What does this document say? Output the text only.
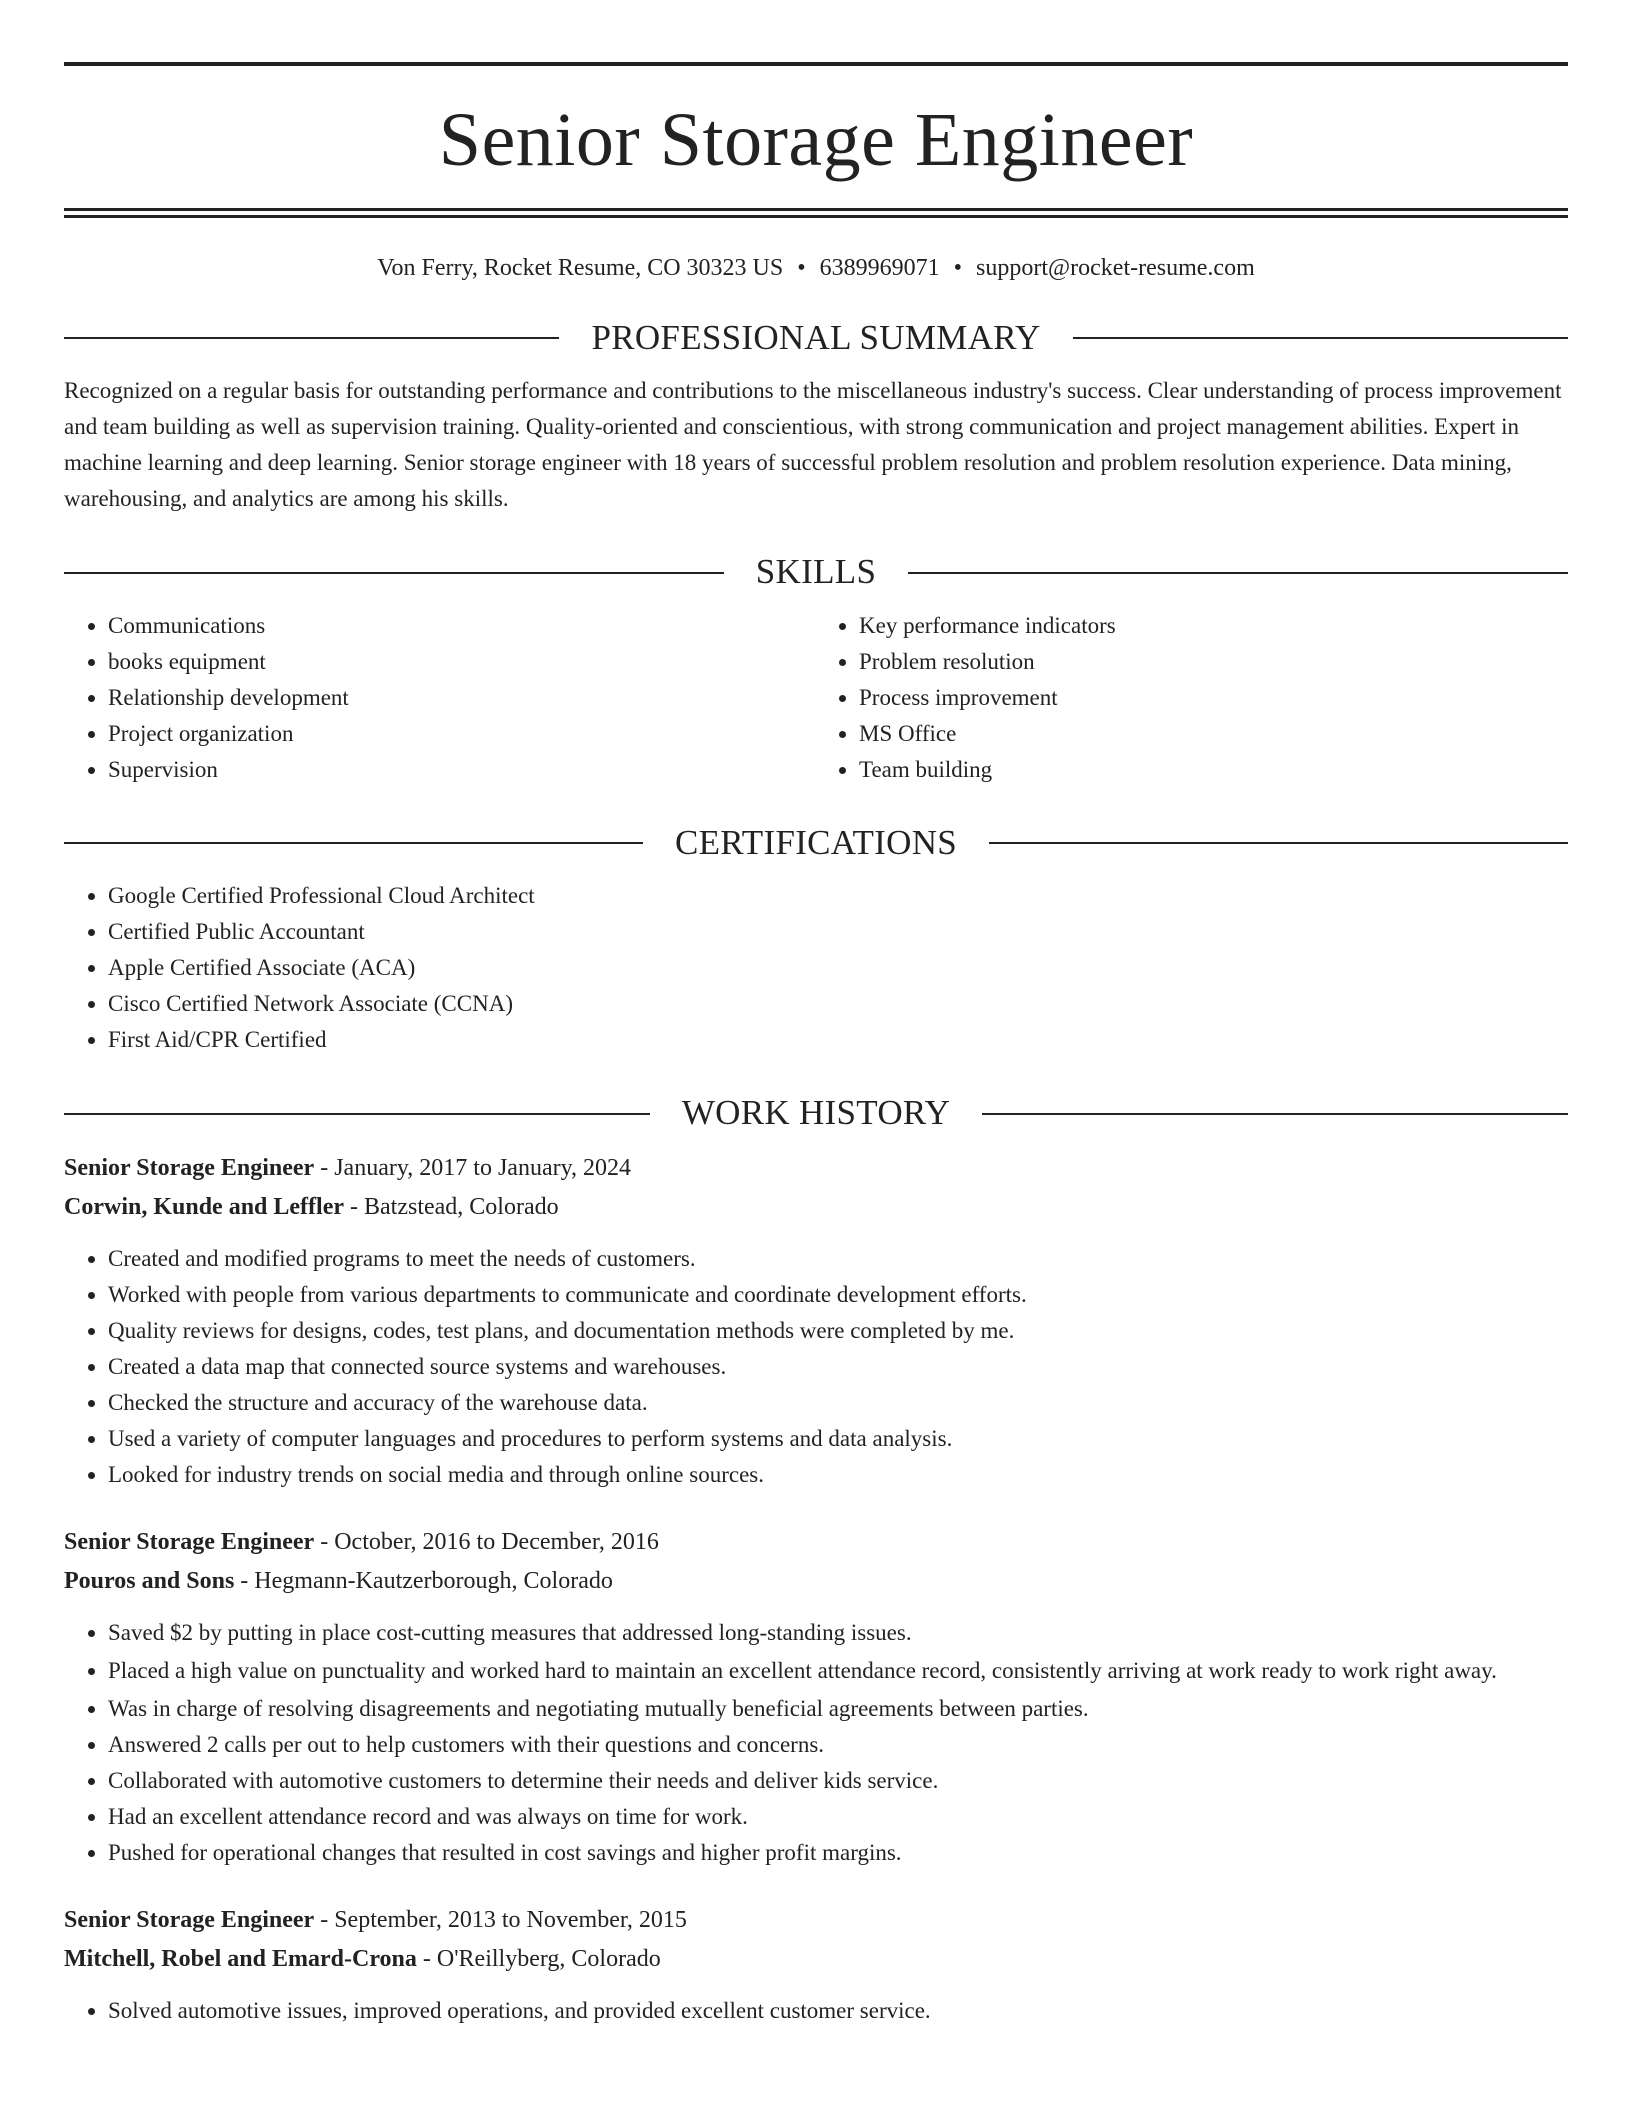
Senior Storage Engineer
Von Ferry, Rocket Resume, CO 30323 US • 6389969071 • support@rocket-resume.com
PROFESSIONAL SUMMARY

Recognized on a regular basis for outstanding performance and contributions to the miscellaneous industry's success. Clear understanding of process improvement and team building as well as supervision training. Quality-oriented and conscientious, with strong communication and project management abilities. Expert in machine learning and deep learning. Senior storage engineer with 18 years of successful problem resolution and problem resolution experience. Data mining, warehousing, and analytics are among his skills.

SKILLS
• Communications
• books equipment
• Relationship development
• Project organization
• Supervision
• Key performance indicators
• Problem resolution
• Process improvement
• MS Office
• Team building
CERTIFICATIONS
• Google Certified Professional Cloud Architect
• Certified Public Accountant
• Apple Certified Associate (ACA)
• Cisco Certified Network Associate (CCNA)
• First Aid/CPR Certified
WORK HISTORY
Senior Storage Engineer - January, 2017 to January, 2024
Corwin, Kunde and Leffler - Batzstead, Colorado
• Created and modified programs to meet the needs of customers.
• Worked with people from various departments to communicate and coordinate development efforts.
• Quality reviews for designs, codes, test plans, and documentation methods were completed by me.
• Created a data map that connected source systems and warehouses.
• Checked the structure and accuracy of the warehouse data.
• Used a variety of computer languages and procedures to perform systems and data analysis.
• Looked for industry trends on social media and through online sources.
Senior Storage Engineer - October, 2016 to December, 2016
Pouros and Sons - Hegmann-Kautzerborough, Colorado
• Saved $2 by putting in place cost-cutting measures that addressed long-standing issues.
• Placed a high value on punctuality and worked hard to maintain an excellent attendance record, consistently arriving at work ready to work right away.
• Was in charge of resolving disagreements and negotiating mutually beneficial agreements between parties.
• Answered 2 calls per out to help customers with their questions and concerns.
• Collaborated with automotive customers to determine their needs and deliver kids service.
• Had an excellent attendance record and was always on time for work.
• Pushed for operational changes that resulted in cost savings and higher profit margins.
Senior Storage Engineer - September, 2013 to November, 2015
Mitchell, Robel and Emard-Crona - O'Reillyberg, Colorado
• Solved automotive issues, improved operations, and provided excellent customer service.
